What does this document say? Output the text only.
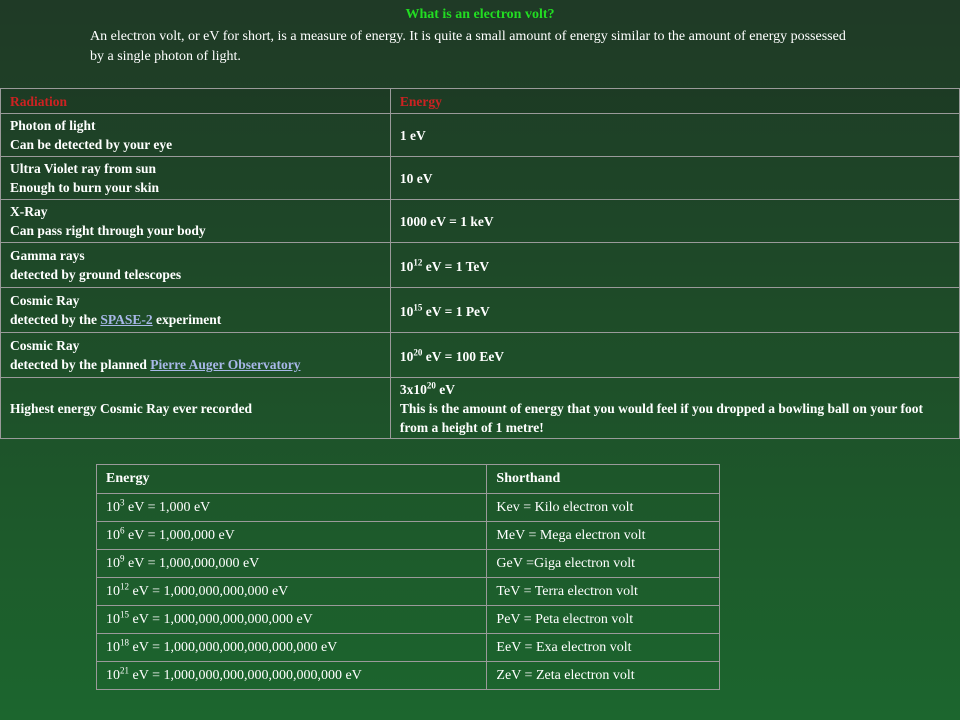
What is an electron volt?
An electron volt, or eV for short, is a measure of energy. It is quite a small amount of energy similar to the amount of energy possessed by a single photon of light.
Radiation	Energy

Photon of light
Can be detected by your eye	1 eV

Ultra Violet ray from sun
Enough to burn your skin	10 eV

X-Ray
Can pass right through your body	1000 eV = 1 keV

Gamma rays
detected by ground telescopes	$10^{12}$ eV = 1 TeV

Cosmic Ray
detected by the SPASE-2 experiment	$10^{15}$ eV = 1 PeV

Cosmic Ray
detected by the planned Pierre Auger Observatory	$10^{20}$ eV = 100 EeV
Highest energy Cosmic Ray ever recorded	$3x10^{20}$ eV
This is the amount of energy that you would feel if you dropped a bowling ball on your foot from a height of 1 metre!
Energy	Shorthand
$10^3$ eV = 1,000 eV	Kev = Kilo electron volt
$10^6$ eV = 1,000,000 eV	MeV = Mega electron volt
$10^9$ eV = 1,000,000,000 eV	GeV =Giga electron volt
$10^{12}$ eV = 1,000,000,000,000 eV	TeV = Terra electron volt
$10^{15}$ eV = 1,000,000,000,000,000 eV	PeV = Peta electron volt
$10^{18}$ eV = 1,000,000,000,000,000,000 eV	EeV = Exa electron volt
$10^{21}$ eV = 1,000,000,000,000,000,000,000 eV	ZeV = Zeta electron volt
